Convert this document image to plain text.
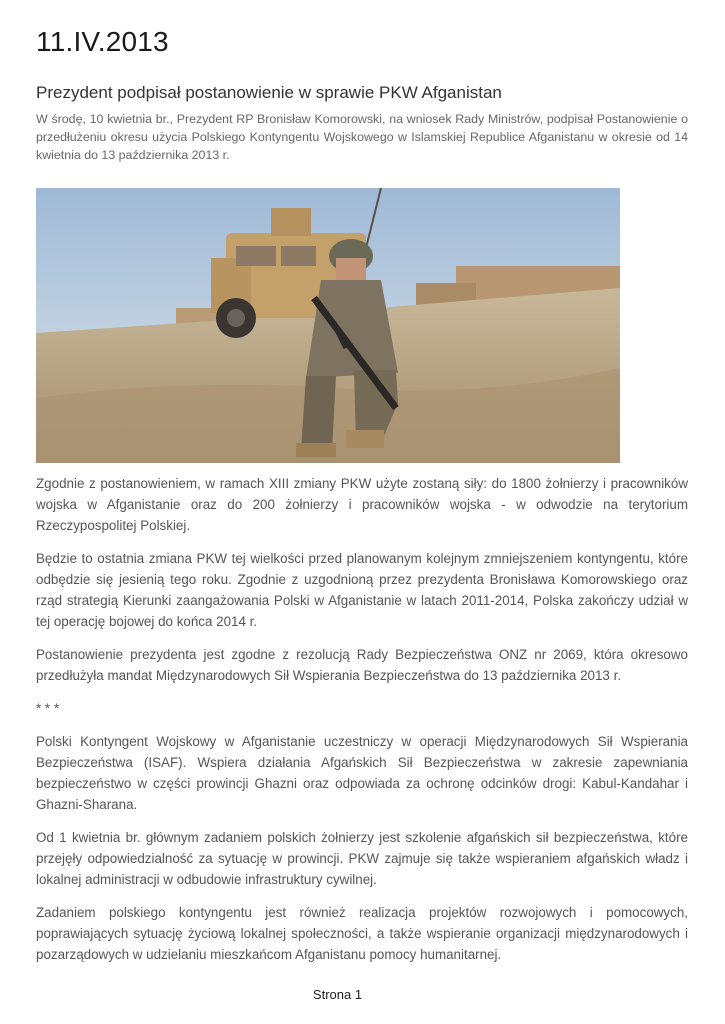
11.IV.2013
Prezydent podpisał postanowienie w sprawie PKW Afganistan
W środę, 10 kwietnia br., Prezydent RP Bronisław Komorowski, na wniosek Rady Ministrów, podpisał Postanowienie o przedłużeniu okresu użycia Polskiego Kontyngentu Wojskowego w Islamskiej Republice Afganistanu w okresie od 14 kwietnia do 13 października 2013 r.

Zgodnie z postanowieniem, w ramach XIII zmiany PKW użyte zostaną siły: do 1800 żołnierzy i pracowników wojska w Afganistanie oraz do 200 żołnierzy i pracowników wojska - w odwodzie na terytorium Rzeczypospolitej Polskiej.

Będzie to ostatnia zmiana PKW tej wielkości przed planowanym kolejnym zmniejszeniem kontyngentu, które odbędzie się jesienią tego roku. Zgodnie z uzgodnioną przez prezydenta Bronisława Komorowskiego oraz rząd strategią Kierunki zaangażowania Polski w Afganistanie w latach 2011-2014, Polska zakończy udział w tej operację bojowej do końca 2014 r.

Postanowienie prezydenta jest zgodne z rezolucją Rady Bezpieczeństwa ONZ nr 2069, która okresowo przedłużyła mandat Międzynarodowych Sił Wspierania Bezpieczeństwa do 13 października 2013 r.

* * *

Polski Kontyngent Wojskowy w Afganistanie uczestniczy w operacji Międzynarodowych Sił Wspierania Bezpieczeństwa (ISAF). Wspiera działania Afgańskich Sił Bezpieczeństwa w zakresie zapewniania bezpieczeństwo w części prowincji Ghazni oraz odpowiada za ochronę odcinków drogi: Kabul-Kandahar i Ghazni-Sharana.

Od 1 kwietnia br. głównym zadaniem polskich żołnierzy jest szkolenie afgańskich sił bezpieczeństwa, które przejęły odpowiedzialność za sytuację w prowincji. PKW zajmuje się także wspieraniem afgańskich władz i lokalnej administracji w odbudowie infrastruktury cywilnej.

Zadaniem polskiego kontyngentu jest również realizacja projektów rozwojowych i pomocowych, poprawiających sytuację życiową lokalnej społeczności, a także wspieranie organizacji międzynarodowych i pozarządowych w udzielaniu mieszkańcom Afganistanu pomocy humanitarnej.

Strona 1
